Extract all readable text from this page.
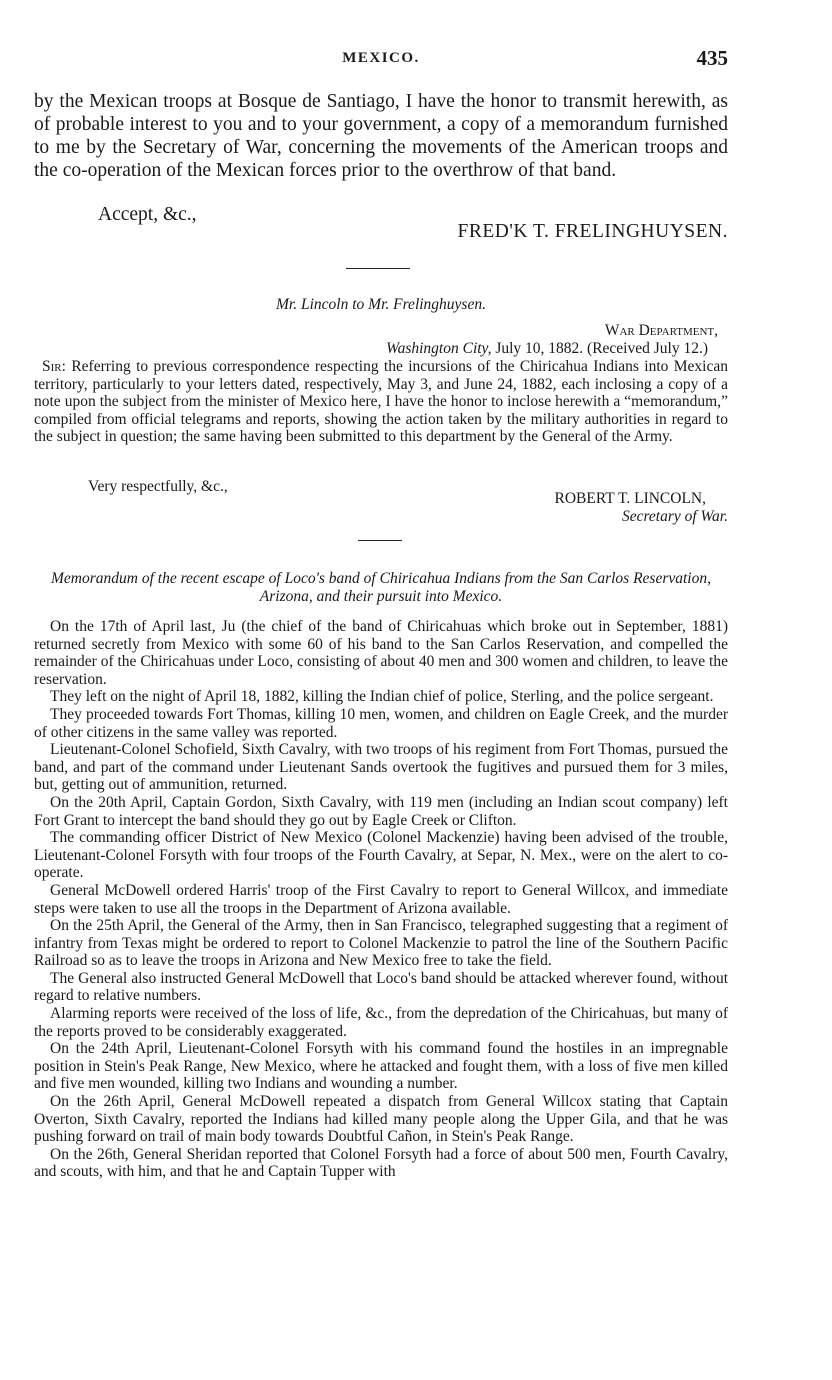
MEXICO.	435

by the Mexican troops at Bosque de Santiago, I have the honor to transmit herewith, as of probable interest to you and to your government, a copy of a memorandum furnished to me by the Secretary of War, concerning the movements of the American troops and the co-operation of the Mexican forces prior to the overthrow of that band.

Accept, &c.,

FRED'K T. FRELINGHUYSEN.

Mr. Lincoln to Mr. Frelinghuysen.

War Department,

Washington City, July 10, 1882. (Received July 12.)

Sir: Referring to previous correspondence respecting the incursions of the Chiricahua Indians into Mexican territory, particularly to your letters dated, respectively, May 3, and June 24, 1882, each inclosing a copy of a note upon the subject from the minister of Mexico here, I have the honor to inclose herewith a “memorandum,” compiled from official telegrams and reports, showing the action taken by the military authorities in regard to the subject in question; the same having been submitted to this department by the General of the Army.

Very respectfully, &c.,

ROBERT T. LINCOLN,

Secretary of War.

Memorandum of the recent escape of Loco's band of Chiricahua Indians from the San Carlos Reservation, Arizona, and their pursuit into Mexico.

On the 17th of April last, Ju (the chief of the band of Chiricahuas which broke out in September, 1881) returned secretly from Mexico with some 60 of his band to the San Carlos Reservation, and compelled the remainder of the Chiricahuas under Loco, consisting of about 40 men and 300 women and children, to leave the reservation.

They left on the night of April 18, 1882, killing the Indian chief of police, Sterling, and the police sergeant.

They proceeded towards Fort Thomas, killing 10 men, women, and children on Eagle Creek, and the murder of other citizens in the same valley was reported.

Lieutenant-Colonel Schofield, Sixth Cavalry, with two troops of his regiment from Fort Thomas, pursued the band, and part of the command under Lieutenant Sands overtook the fugitives and pursued them for 3 miles, but, getting out of ammunition, returned.

On the 20th April, Captain Gordon, Sixth Cavalry, with 119 men (including an Indian scout company) left Fort Grant to intercept the band should they go out by Eagle Creek or Clifton.

The commanding officer District of New Mexico (Colonel Mackenzie) having been advised of the trouble, Lieutenant-Colonel Forsyth with four troops of the Fourth Cavalry, at Separ, N. Mex., were on the alert to co-operate.

General McDowell ordered Harris' troop of the First Cavalry to report to General Willcox, and immediate steps were taken to use all the troops in the Department of Arizona available.

On the 25th April, the General of the Army, then in San Francisco, telegraphed suggesting that a regiment of infantry from Texas might be ordered to report to Colonel Mackenzie to patrol the line of the Southern Pacific Railroad so as to leave the troops in Arizona and New Mexico free to take the field.

The General also instructed General McDowell that Loco's band should be attacked wherever found, without regard to relative numbers.

Alarming reports were received of the loss of life, &c., from the depredation of the Chiricahuas, but many of the reports proved to be considerably exaggerated.

On the 24th April, Lieutenant-Colonel Forsyth with his command found the hostiles in an impregnable position in Stein's Peak Range, New Mexico, where he attacked and fought them, with a loss of five men killed and five men wounded, killing two Indians and wounding a number.

On the 26th April, General McDowell repeated a dispatch from General Willcox stating that Captain Overton, Sixth Cavalry, reported the Indians had killed many people along the Upper Gila, and that he was pushing forward on trail of main body towards Doubtful Cañon, in Stein's Peak Range.

On the 26th, General Sheridan reported that Colonel Forsyth had a force of about 500 men, Fourth Cavalry, and scouts, with him, and that he and Captain Tupper with
